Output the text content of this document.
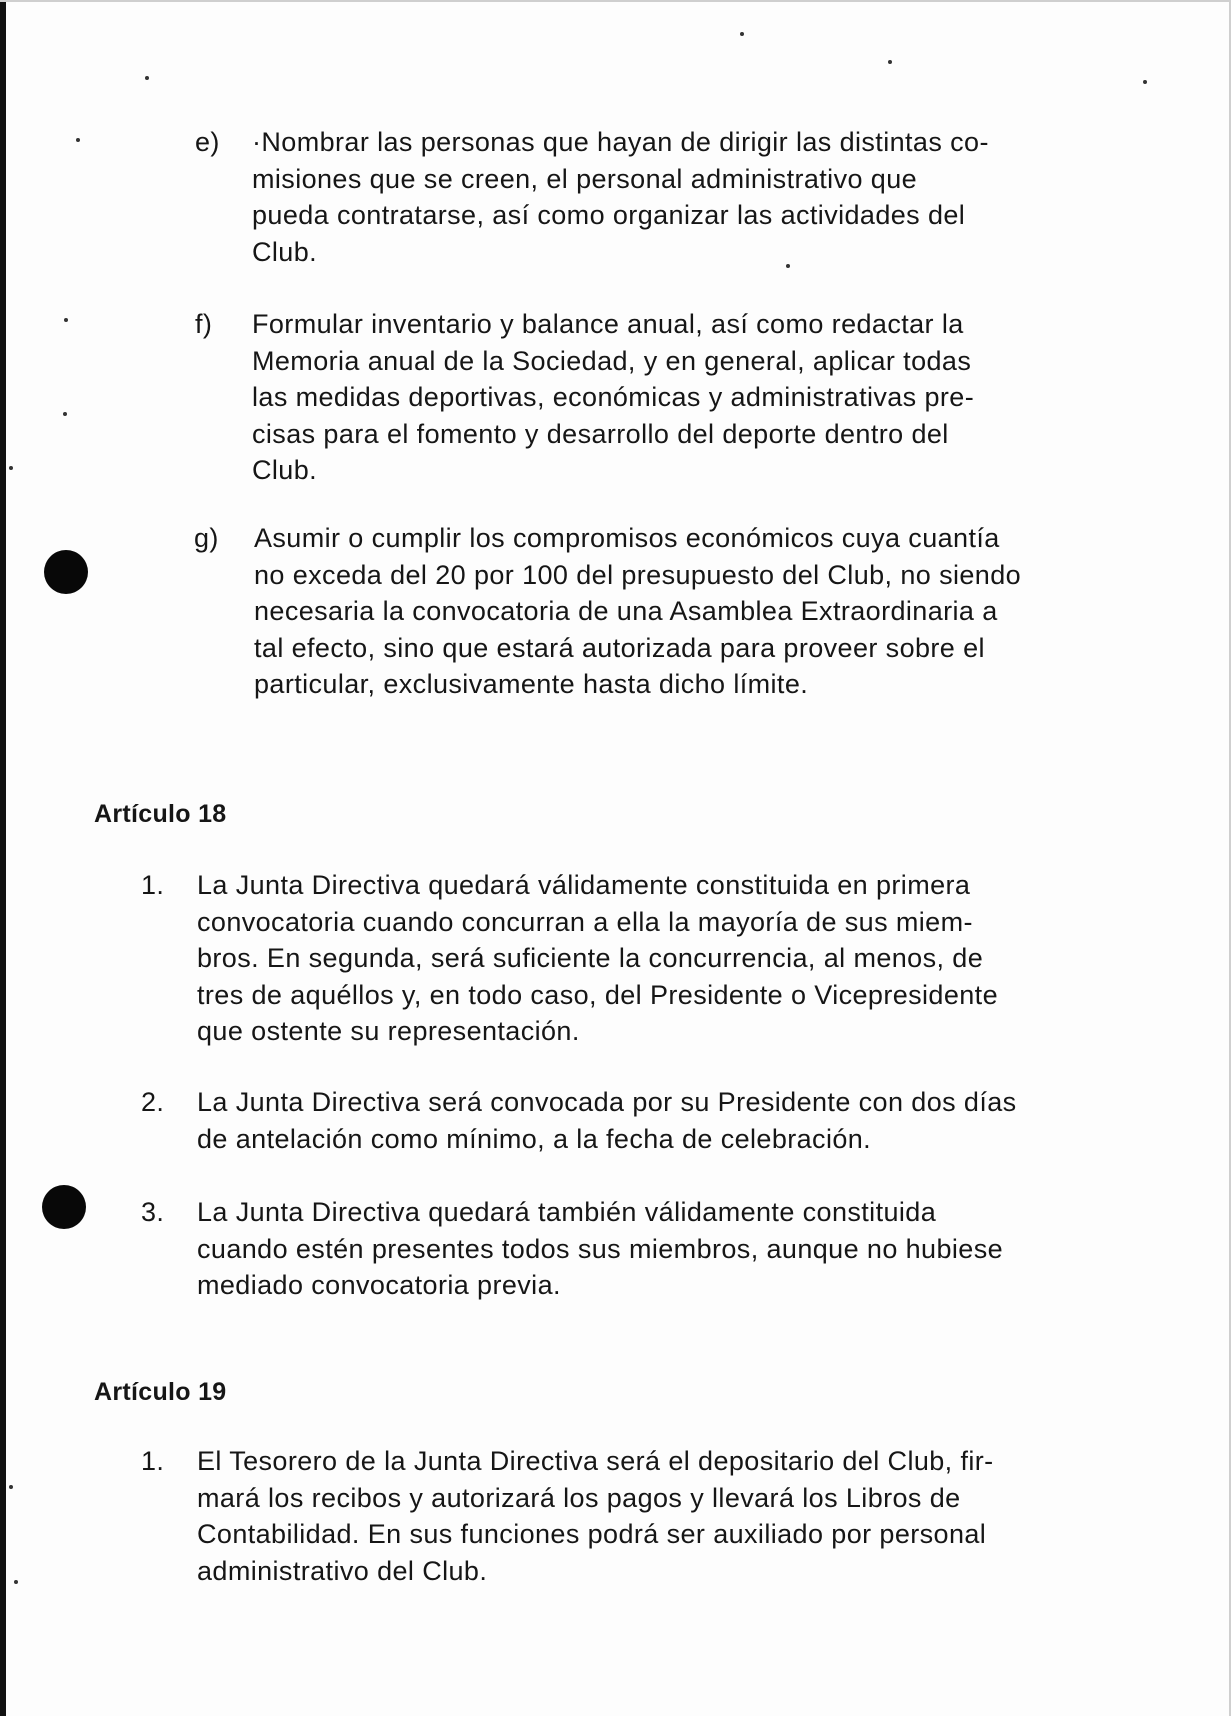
e) ·Nombrar las personas que hayan de dirigir las distintas co-
misiones que se creen, el personal administrativo que
pueda contratarse, así como organizar las actividades del
Club.
f) Formular inventario y balance anual, así como redactar la
Memoria anual de la Sociedad, y en general, aplicar todas
las medidas deportivas, económicas y administrativas pre-
cisas para el fomento y desarrollo del deporte dentro del
Club.
g) Asumir o cumplir los compromisos económicos cuya cuantía
no exceda del 20 por 100 del presupuesto del Club, no siendo
necesaria la convocatoria de una Asamblea Extraordinaria a
tal efecto, sino que estará autorizada para proveer sobre el
particular, exclusivamente hasta dicho límite.
Artículo 18
1. La Junta Directiva quedará válidamente constituida en primera
convocatoria cuando concurran a ella la mayoría de sus miem-
bros. En segunda, será suficiente la concurrencia, al menos, de
tres de aquéllos y, en todo caso, del Presidente o Vicepresidente
que ostente su representación.
2. La Junta Directiva será convocada por su Presidente con dos días
de antelación como mínimo, a la fecha de celebración.
3. La Junta Directiva quedará también válidamente constituida
cuando estén presentes todos sus miembros, aunque no hubiese
mediado convocatoria previa.
Artículo 19
1. El Tesorero de la Junta Directiva será el depositario del Club, fir-
mará los recibos y autorizará los pagos y llevará los Libros de
Contabilidad. En sus funciones podrá ser auxiliado por personal
administrativo del Club.
